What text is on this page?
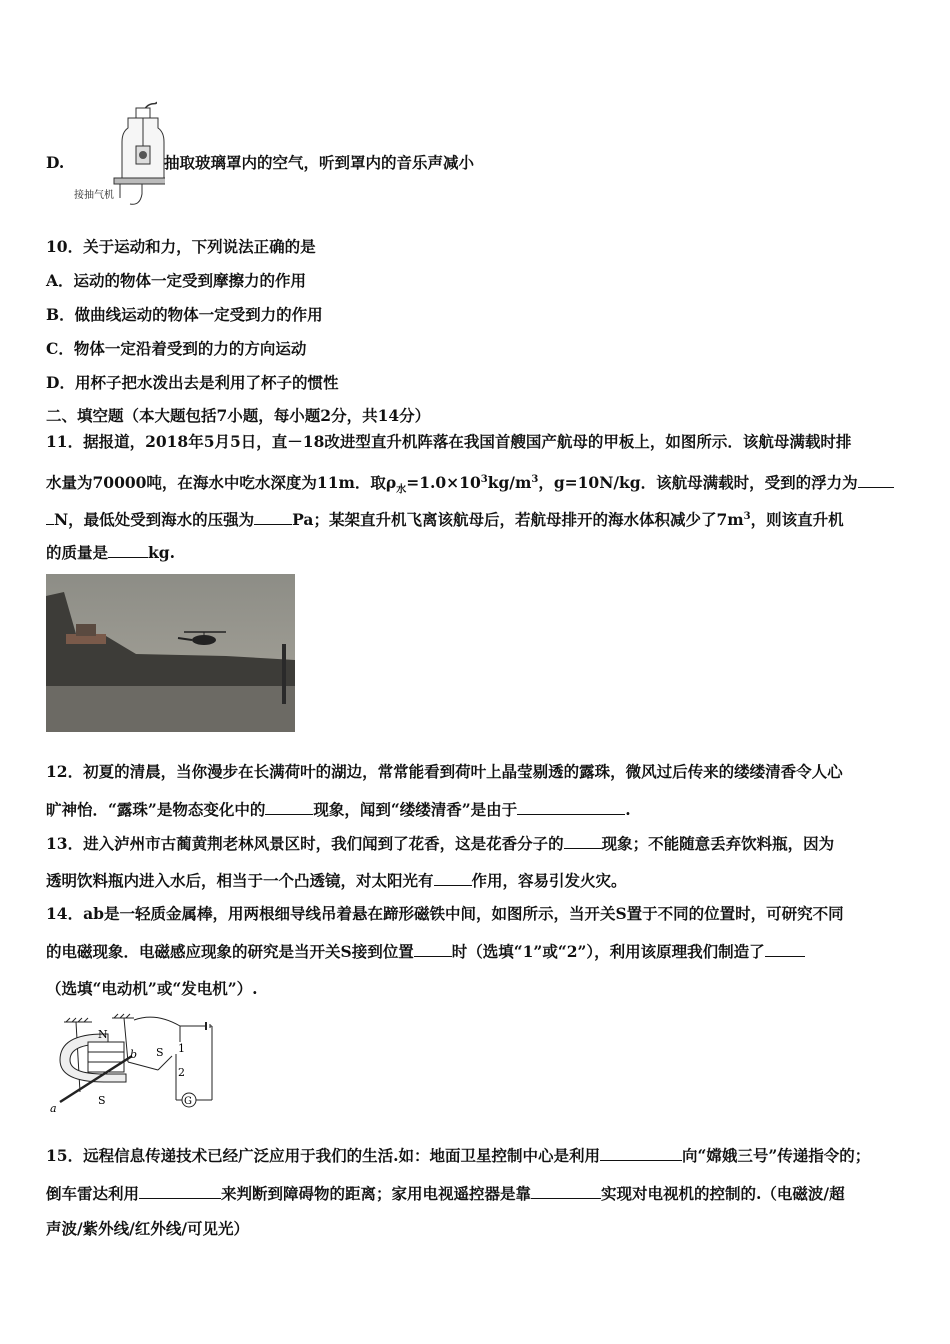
D.
接抽气机
抽取玻璃罩内的空气，听到罩内的音乐声减小
10．关于运动和力，下列说法正确的是
A．运动的物体一定受到摩擦力的作用
B．做曲线运动的物体一定受到力的作用
C．物体一定沿着受到的力的方向运动
D．用杯子把水泼出去是利用了杯子的惯性
二、填空题（本大题包括7小题，每小题2分，共14分）
11．据报道，2018年5月5日，直－18改进型直升机阵落在我国首艘国产航母的甲板上，如图所示．该航母满载时排
水量为70000吨，在海水中吃水深度为11m．取$\rho_水=1.0\times 10^3kg/m^3$，g=10N/kg．该航母满载时，受到的浮力为
N，最低处受到海水的压强为 Pa；某架直升机飞离该航母后，若航母排开的海水体积减少了$7m^3$，则该直升机
的质量是	kg.
12．初夏的清晨，当你漫步在长满荷叶的湖边，常常能看到荷叶上晶莹剔透的露珠，微风过后传来的缕缕清香令人心
旷神怡．“露珠”是物态变化中的	现象，闻到“缕缕清香”是由于	.
13．进入泸州市古蔺黄荆老林风景区时，我们闻到了花香，这是花香分子的 现象；不能随意丢弃饮料瓶，因为
透明饮料瓶内进入水后，相当于一个凸透镜，对太阳光有 作用，容易引发火灾。
14．ab是一轻质金属棒，用两根细导线吊着悬在蹄形磁铁中间，如图所示，当开关S置于不同的位置时，可研究不同
的电磁现象．电磁感应现象的研究是当开关S接到位置 时（选填“1”或“2”），利用该原理我们制造了
（选填“电动机”或“发电机”）.
N
S
a
b S 1
2
G
15．远程信息传递技术已经广泛应用于我们的生活.如：地面卫星控制中心是利用	向“嫦娥三号”传递指令的；
倒车雷达利用	来判断到障碍物的距离；家用电视遥控器是靠	实现对电视机的控制的.（电磁波/超
声波/紫外线/红外线/可见光）
